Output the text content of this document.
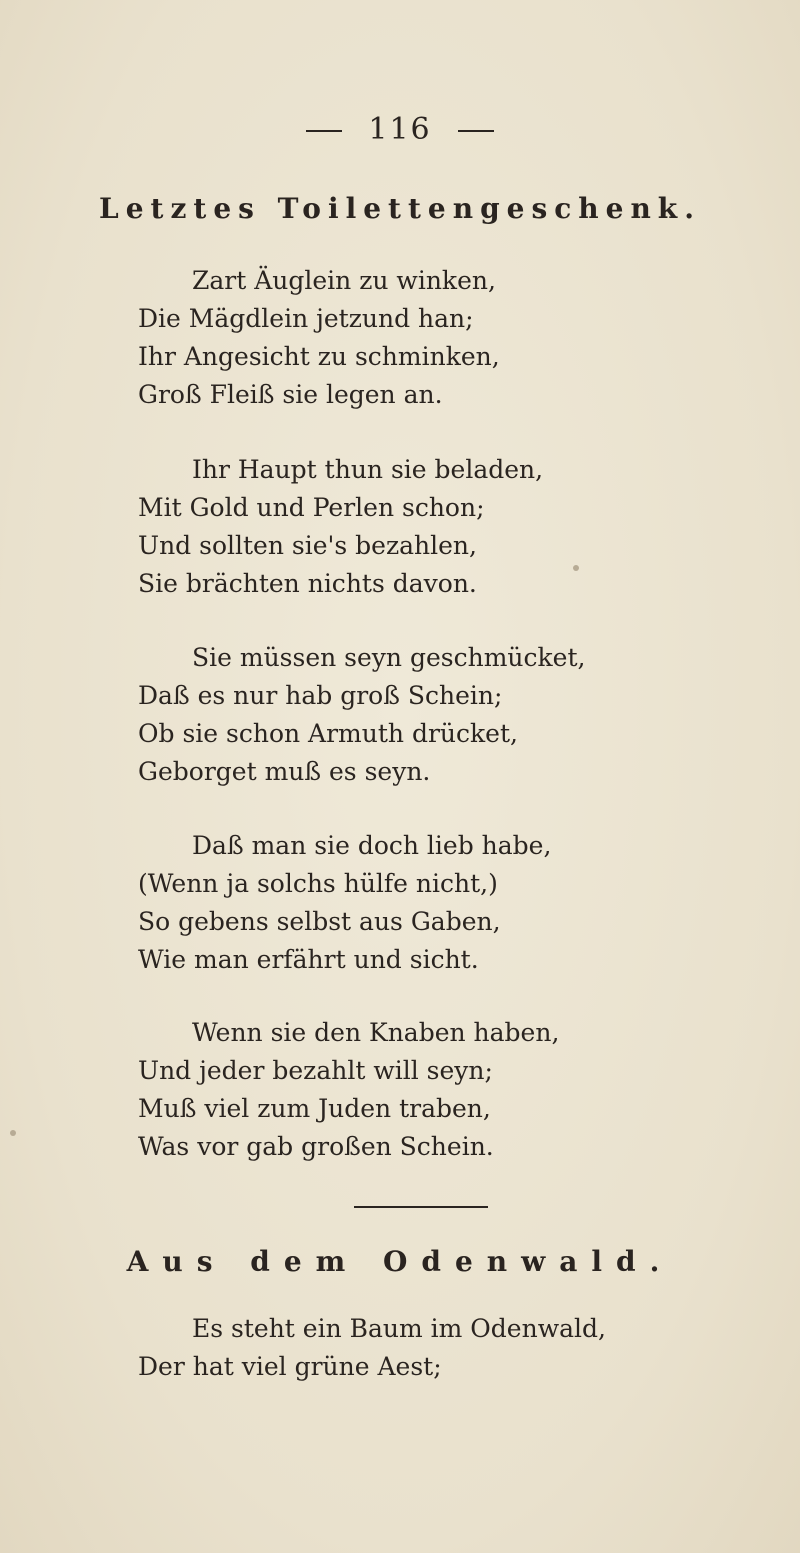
116
Letztes Toilettengeschenk.
Zart Äuglein zu winken,
Die Mägdlein jetzund han;
Ihr Angesicht zu schminken,
Groß Fleiß sie legen an.
Ihr Haupt thun sie beladen,
Mit Gold und Perlen schon;
Und sollten sie's bezahlen,
Sie brächten nichts davon.
Sie müssen seyn geschmücket,
Daß es nur hab groß Schein;
Ob sie schon Armuth drücket,
Geborget muß es seyn.
Daß man sie doch lieb habe,
(Wenn ja solchs hülfe nicht,)
So gebens selbst aus Gaben,
Wie man erfährt und sicht.
Wenn sie den Knaben haben,
Und jeder bezahlt will seyn;
Muß viel zum Juden traben,
Was vor gab großen Schein.
Aus dem Odenwald.
Es steht ein Baum im Odenwald,
Der hat viel grüne Aest;
